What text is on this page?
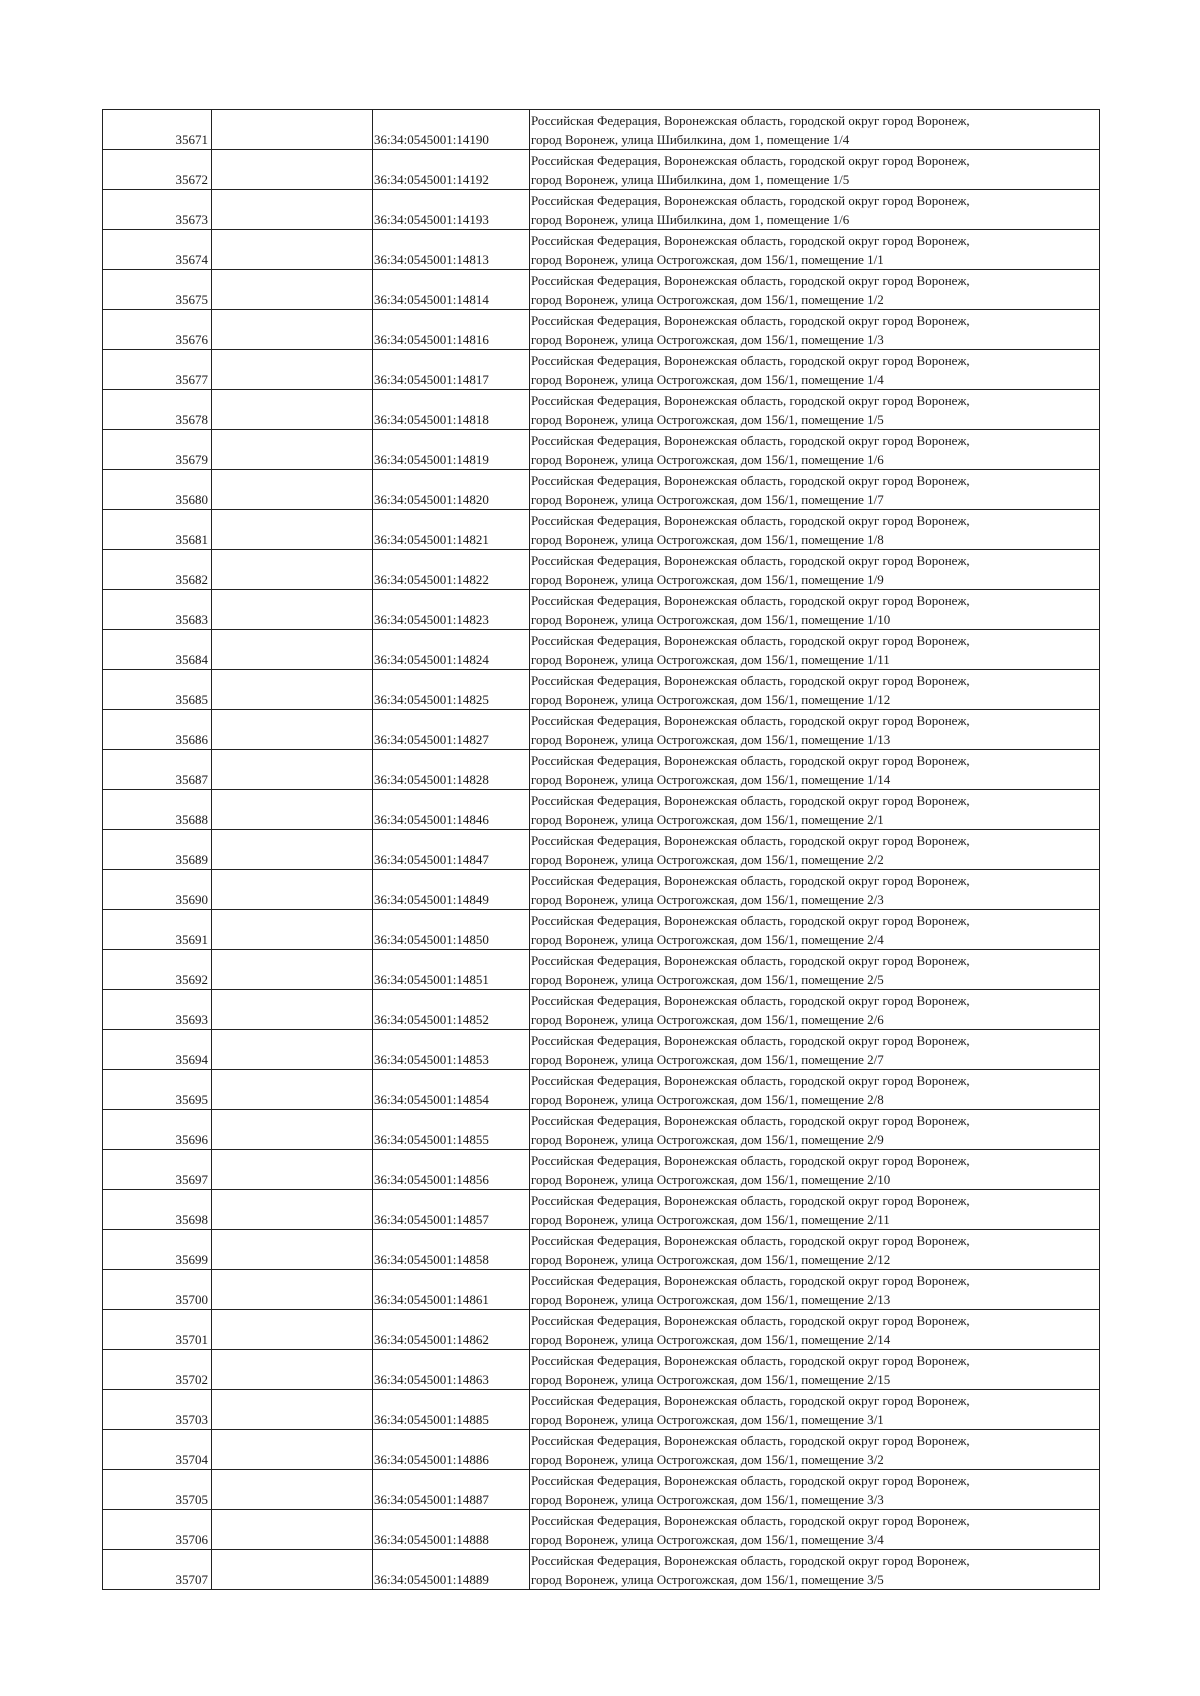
35671		36:34:0545001:14190	Российская Федерация, Воронежская область, городской округ город Воронеж,
город Воронеж, улица Шибилкина, дом 1, помещение 1/4

35672		36:34:0545001:14192	Российская Федерация, Воронежская область, городской округ город Воронеж,
город Воронеж, улица Шибилкина, дом 1, помещение 1/5

35673		36:34:0545001:14193	Российская Федерация, Воронежская область, городской округ город Воронеж,
город Воронеж, улица Шибилкина, дом 1, помещение 1/6

35674		36:34:0545001:14813	Российская Федерация, Воронежская область, городской округ город Воронеж,
город Воронеж, улица Острогожская, дом 156/1, помещение 1/1

35675		36:34:0545001:14814	Российская Федерация, Воронежская область, городской округ город Воронеж,
город Воронеж, улица Острогожская, дом 156/1, помещение 1/2

35676		36:34:0545001:14816	Российская Федерация, Воронежская область, городской округ город Воронеж,
город Воронеж, улица Острогожская, дом 156/1, помещение 1/3

35677		36:34:0545001:14817	Российская Федерация, Воронежская область, городской округ город Воронеж,
город Воронеж, улица Острогожская, дом 156/1, помещение 1/4

35678		36:34:0545001:14818	Российская Федерация, Воронежская область, городской округ город Воронеж,
город Воронеж, улица Острогожская, дом 156/1, помещение 1/5

35679		36:34:0545001:14819	Российская Федерация, Воронежская область, городской округ город Воронеж,
город Воронеж, улица Острогожская, дом 156/1, помещение 1/6

35680		36:34:0545001:14820	Российская Федерация, Воронежская область, городской округ город Воронеж,
город Воронеж, улица Острогожская, дом 156/1, помещение 1/7

35681		36:34:0545001:14821	Российская Федерация, Воронежская область, городской округ город Воронеж,
город Воронеж, улица Острогожская, дом 156/1, помещение 1/8

35682		36:34:0545001:14822	Российская Федерация, Воронежская область, городской округ город Воронеж,
город Воронеж, улица Острогожская, дом 156/1, помещение 1/9

35683		36:34:0545001:14823	Российская Федерация, Воронежская область, городской округ город Воронеж,
город Воронеж, улица Острогожская, дом 156/1, помещение 1/10

35684		36:34:0545001:14824	Российская Федерация, Воронежская область, городской округ город Воронеж,
город Воронеж, улица Острогожская, дом 156/1, помещение 1/11

35685		36:34:0545001:14825	Российская Федерация, Воронежская область, городской округ город Воронеж,
город Воронеж, улица Острогожская, дом 156/1, помещение 1/12

35686		36:34:0545001:14827	Российская Федерация, Воронежская область, городской округ город Воронеж,
город Воронеж, улица Острогожская, дом 156/1, помещение 1/13

35687		36:34:0545001:14828	Российская Федерация, Воронежская область, городской округ город Воронеж,
город Воронеж, улица Острогожская, дом 156/1, помещение 1/14

35688		36:34:0545001:14846	Российская Федерация, Воронежская область, городской округ город Воронеж,
город Воронеж, улица Острогожская, дом 156/1, помещение 2/1

35689		36:34:0545001:14847	Российская Федерация, Воронежская область, городской округ город Воронеж,
город Воронеж, улица Острогожская, дом 156/1, помещение 2/2

35690		36:34:0545001:14849	Российская Федерация, Воронежская область, городской округ город Воронеж,
город Воронеж, улица Острогожская, дом 156/1, помещение 2/3

35691		36:34:0545001:14850	Российская Федерация, Воронежская область, городской округ город Воронеж,
город Воронеж, улица Острогожская, дом 156/1, помещение 2/4

35692		36:34:0545001:14851	Российская Федерация, Воронежская область, городской округ город Воронеж,
город Воронеж, улица Острогожская, дом 156/1, помещение 2/5

35693		36:34:0545001:14852	Российская Федерация, Воронежская область, городской округ город Воронеж,
город Воронеж, улица Острогожская, дом 156/1, помещение 2/6

35694		36:34:0545001:14853	Российская Федерация, Воронежская область, городской округ город Воронеж,
город Воронеж, улица Острогожская, дом 156/1, помещение 2/7

35695		36:34:0545001:14854	Российская Федерация, Воронежская область, городской округ город Воронеж,
город Воронеж, улица Острогожская, дом 156/1, помещение 2/8

35696		36:34:0545001:14855	Российская Федерация, Воронежская область, городской округ город Воронеж,
город Воронеж, улица Острогожская, дом 156/1, помещение 2/9

35697		36:34:0545001:14856	Российская Федерация, Воронежская область, городской округ город Воронеж,
город Воронеж, улица Острогожская, дом 156/1, помещение 2/10

35698		36:34:0545001:14857	Российская Федерация, Воронежская область, городской округ город Воронеж,
город Воронеж, улица Острогожская, дом 156/1, помещение 2/11

35699		36:34:0545001:14858	Российская Федерация, Воронежская область, городской округ город Воронеж,
город Воронеж, улица Острогожская, дом 156/1, помещение 2/12

35700		36:34:0545001:14861	Российская Федерация, Воронежская область, городской округ город Воронеж,
город Воронеж, улица Острогожская, дом 156/1, помещение 2/13

35701		36:34:0545001:14862	Российская Федерация, Воронежская область, городской округ город Воронеж,
город Воронеж, улица Острогожская, дом 156/1, помещение 2/14

35702		36:34:0545001:14863	Российская Федерация, Воронежская область, городской округ город Воронеж,
город Воронеж, улица Острогожская, дом 156/1, помещение 2/15

35703		36:34:0545001:14885	Российская Федерация, Воронежская область, городской округ город Воронеж,
город Воронеж, улица Острогожская, дом 156/1, помещение 3/1

35704		36:34:0545001:14886	Российская Федерация, Воронежская область, городской округ город Воронеж,
город Воронеж, улица Острогожская, дом 156/1, помещение 3/2

35705		36:34:0545001:14887	Российская Федерация, Воронежская область, городской округ город Воронеж,
город Воронеж, улица Острогожская, дом 156/1, помещение 3/3

35706		36:34:0545001:14888	Российская Федерация, Воронежская область, городской округ город Воронеж,
город Воронеж, улица Острогожская, дом 156/1, помещение 3/4

35707		36:34:0545001:14889	Российская Федерация, Воронежская область, городской округ город Воронеж,
город Воронеж, улица Острогожская, дом 156/1, помещение 3/5
